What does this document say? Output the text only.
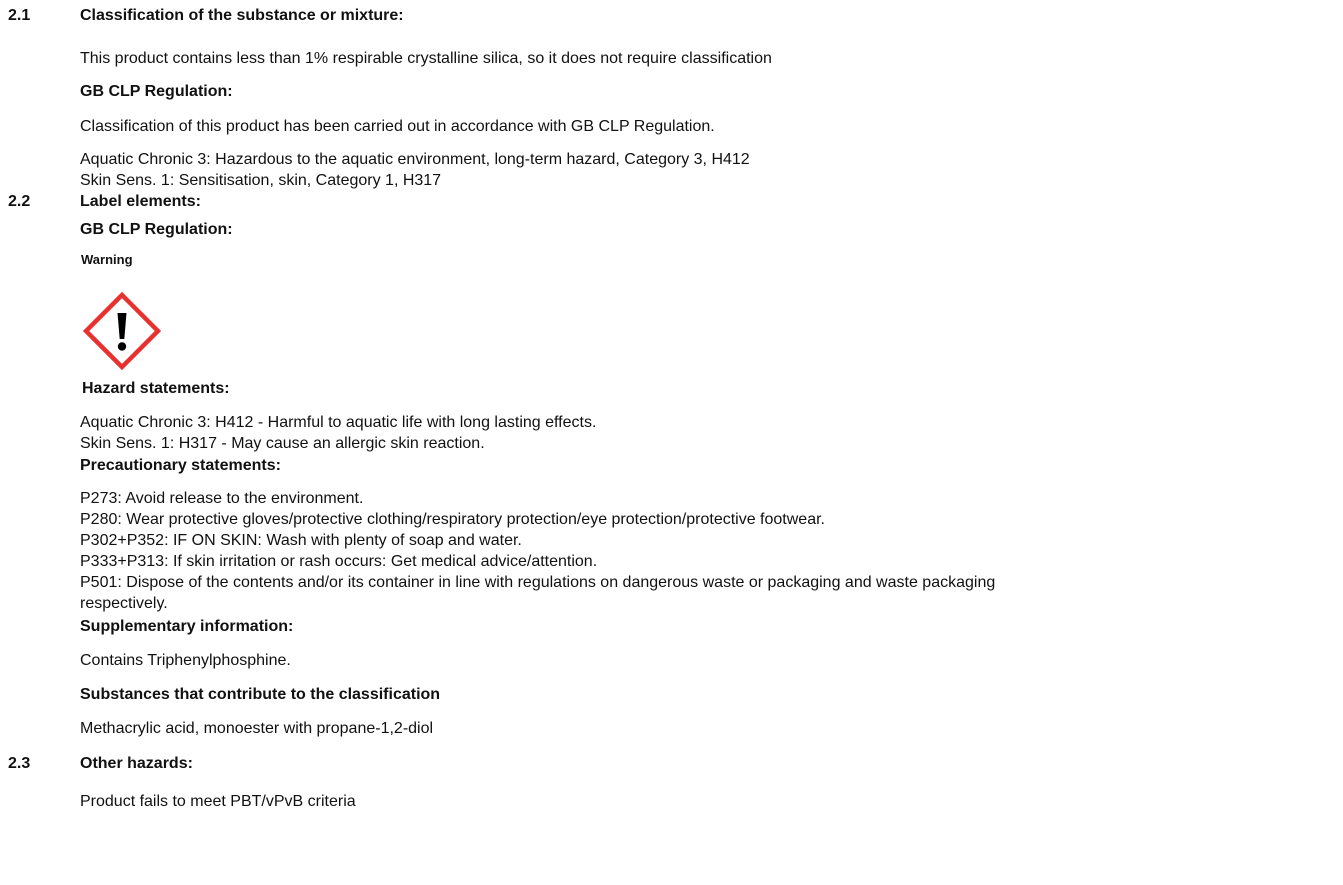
2.1	Classification of the substance or mixture:
This product contains less than 1% respirable crystalline silica, so it does not require classification
GB CLP Regulation:
Classification of this product has been carried out in accordance with GB CLP Regulation.
Aquatic Chronic 3: Hazardous to the aquatic environment, long-term hazard, Category 3, H412
Skin Sens. 1: Sensitisation, skin, Category 1, H317
2.2	Label elements:
GB CLP Regulation:
Warning
Hazard statements:
Aquatic Chronic 3: H412 - Harmful to aquatic life with long lasting effects.
Skin Sens. 1: H317 - May cause an allergic skin reaction.
Precautionary statements:
P273: Avoid release to the environment.
P280: Wear protective gloves/protective clothing/respiratory protection/eye protection/protective footwear.
P302+P352: IF ON SKIN: Wash with plenty of soap and water.
P333+P313: If skin irritation or rash occurs: Get medical advice/attention.
P501: Dispose of the contents and/or its container in line with regulations on dangerous waste or packaging and waste packaging
respectively.
Supplementary information:
Contains Triphenylphosphine.
Substances that contribute to the classification
Methacrylic acid, monoester with propane-1,2-diol
2.3	Other hazards:
Product fails to meet PBT/vPvB criteria
